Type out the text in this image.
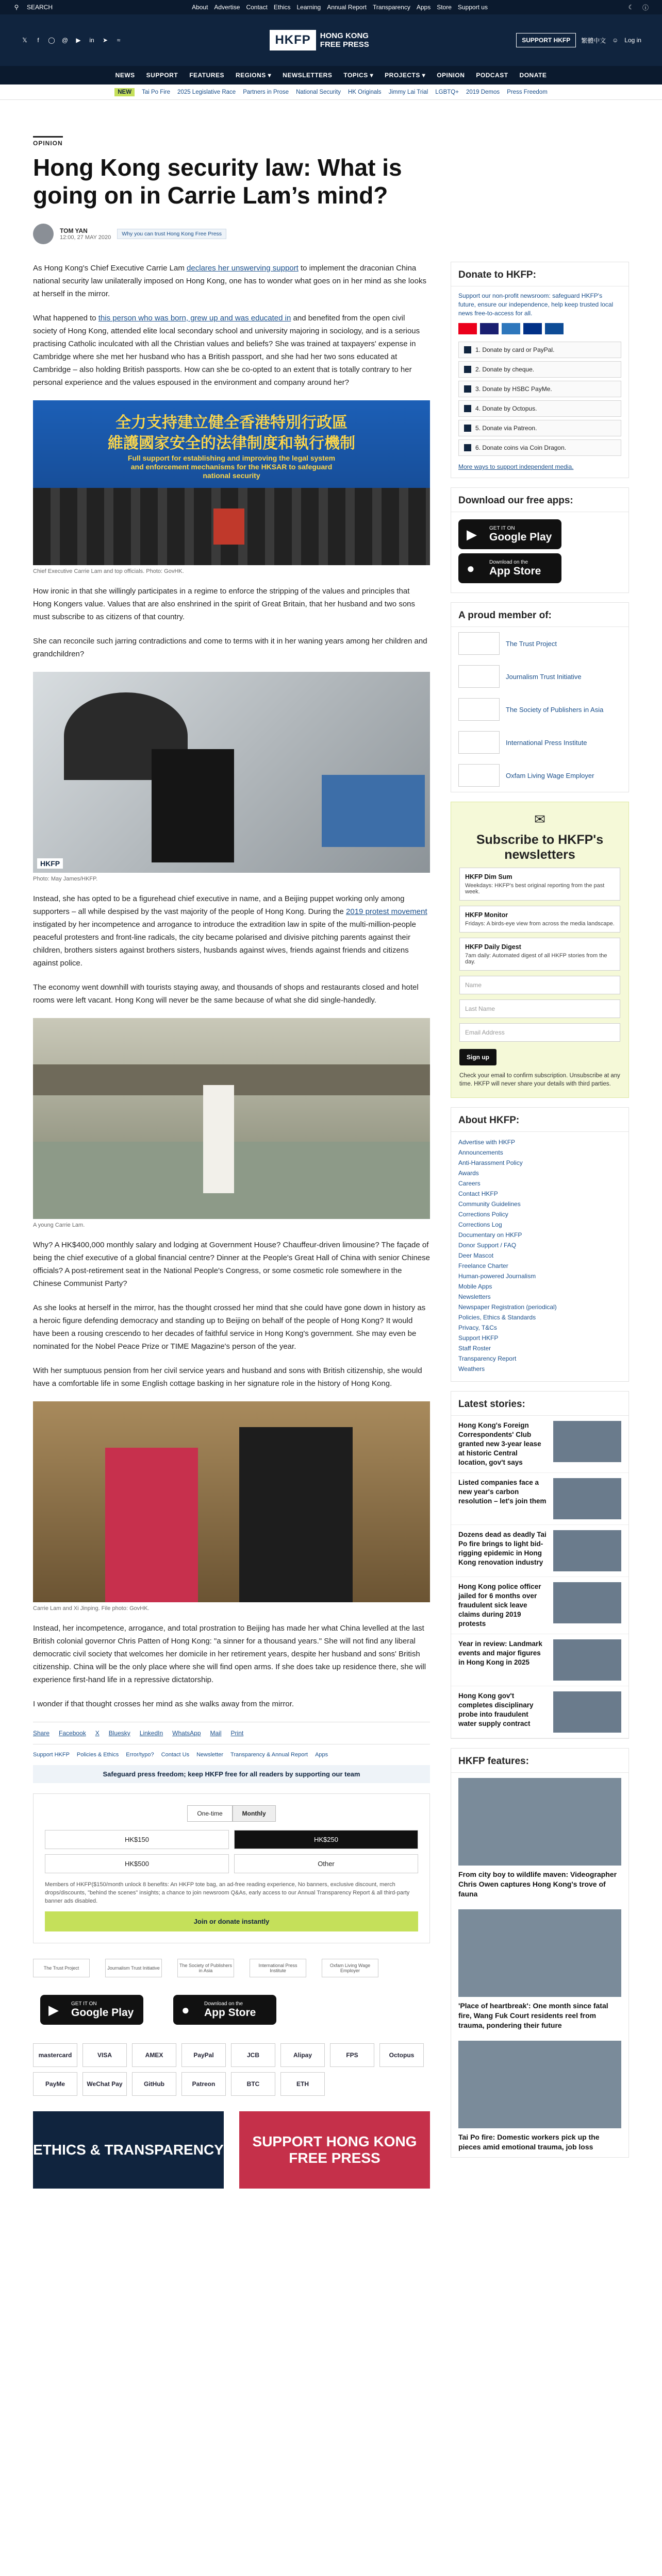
⚲	SEARCH	About Advertise Contact Ethics Learning Annual Report Transparency Apps Store Support us	☾ ⓘ
𝕏	f	◯ @ ▶ in ➤	≈	HKFP	HONG KONG
FREE PRESS	SUPPORT HKFP	繁體中文 ☺ Log in
NEWS SUPPORT FEATURES REGIONS ▾ NEWSLETTERS TOPICS ▾ PROJECTS ▾ OPINION PODCAST DONATE
NEW	Tai Po Fire 2025 Legislative Race Partners in Prose National Security HK Originals Jimmy Lai Trial LGBTQ+ 2019 Demos Press Freedom
OPINION
Hong Kong security law: What is going on in Carrie Lam’s mind?
TOM YAN
12:00, 27 MAY 2020
Why you can trust Hong Kong Free Press

As Hong Kong's Chief Executive Carrie Lam declares her unswerving support to implement the draconian China national security law unilaterally imposed on Hong Kong, one has to wonder what goes on in her mind as she looks at herself in the mirror.

What happened to this person who was born, grew up and was educated in and benefited from the open civil society of Hong Kong, attended elite local secondary school and university majoring in sociology, and is a serious practising Catholic inculcated with all the Christian values and beliefs? She was trained at taxpayers' expense in Cambridge where she met her husband who has a British passport, and she had her two sons educated at Cambridge – also holding British passports. How can she be co-opted to an extent that is totally contrary to her personal experience and the values espoused in the environment and company around her?

全力支持建立健全香港特別行政區
維護國家安全的法律制度和執行機制
Full support for establishing and improving the legal system and enforcement mechanisms for the HKSAR to safeguard national security
Chief Executive Carrie Lam and top officials. Photo: GovHK.

How ironic in that she willingly participates in a regime to enforce the stripping of the values and principles that Hong Kongers value. Values that are also enshrined in the spirit of Great Britain, that her husband and two sons must subscribe to as citizens of that country.

She can reconcile such jarring contradictions and come to terms with it in her waning years among her children and grandchildren?

HKFP
Photo: May James/HKFP.

Instead, she has opted to be a figurehead chief executive in name, and a Beijing puppet working only among supporters – all while despised by the vast majority of the people of Hong Kong. During the 2019 protest movement instigated by her incompetence and arrogance to introduce the extradition law in spite of the multi-million-people peaceful protesters and front-line radicals, the city became polarised and divisive pitching parents against their children, brothers sisters against brothers sisters, husbands against wives, friends against friends and citizens against police.

The economy went downhill with tourists staying away, and thousands of shops and restaurants closed and hotel rooms were left vacant. Hong Kong will never be the same because of what she did single-handedly.

A young Carrie Lam.

Why? A HK$400,000 monthly salary and lodging at Government House? Chauffeur-driven limousine? The façade of being the chief executive of a global financial centre? Dinner at the People's Great Hall of China with senior Chinese officials? A post-retirement seat in the National People's Congress, or some cosmetic role somewhere in the Chinese Communist Party?

As she looks at herself in the mirror, has the thought crossed her mind that she could have gone down in history as a heroic figure defending democracy and standing up to Beijing on behalf of the people of Hong Kong? It would have been a rousing crescendo to her decades of faithful service in Hong Kong's government. She may even be nominated for the Nobel Peace Prize or TIME Magazine's person of the year.

With her sumptuous pension from her civil service years and husband and sons with British citizenship, she would have a comfortable life in some English cottage basking in her signature role in the history of Hong Kong.

Carrie Lam and Xi Jinping. File photo: GovHK.

Instead, her incompetence, arrogance, and total prostration to Beijing has made her what China levelled at the last British colonial governor Chris Patten of Hong Kong: "a sinner for a thousand years." She will not find any liberal democratic civil society that welcomes her domicile in her retirement years, despite her husband and sons' British citizenship. China will be the only place where she will find open arms. If she does take up residence there, she will experience first-hand life in a repressive dictatorship.

I wonder if that thought crosses her mind as she walks away from the mirror.

Share Facebook X Bluesky LinkedIn WhatsApp Mail Print
Support HKFP Policies & Ethics Error/typo? Contact Us Newsletter Transparency & Annual Report Apps
Safeguard press freedom; keep HKFP free for all readers by supporting our team
One-time	Monthly
HK$150	HK$250
HK$500	Other
Members of HKFP($150/month unlock 8 benefits: An HKFP tote bag, an ad-free reading experience, No banners, exclusive discount, merch drops/discounts, "behind the scenes" insights; a chance to join newsroom Q&As, early access to our Annual Transparency Report & all third-party banner ads disabled.
Join or donate instantly
The Trust Project	Journalism Trust Initiative	The Society of Publishers in Asia
International Press Institute
Oxfam Living Wage Employer
▶ GET IT ON
Google Play	●	Download on the
App Store
mastercard	VISA	AMEX	PayPal	JCB	Alipay	FPS	Octopus
PayMe	WeChat Pay	GitHub	Patreon	BTC	ETH
ETHICS & TRANSPARENCY
SUPPORT HONG KONG FREE PRESS
Donate to HKFP:
Support our non-profit newsroom: safeguard HKFP's future, ensure our independence, help keep trusted local news free-to-access for all.
1. Donate by card or PayPal.
2. Donate by cheque.
3. Donate by HSBC PayMe.
4. Donate by Octopus.
5. Donate via Patreon.
6. Donate coins via Coin Dragon.
More ways to support independent media.
Download our free apps:
▶ GET IT ON
Google Play
●	Download on the
App Store
A proud member of:
The Trust Project
Journalism Trust Initiative
The Society of Publishers in Asia
International Press Institute
Oxfam Living Wage Employer
✉
Subscribe to HKFP's newsletters
HKFP Dim Sum
Weekdays: HKFP's best original reporting from the past week.
HKFP Monitor
Fridays: A birds-eye view from across the media landscape.
HKFP Daily Digest
7am daily: Automated digest of all HKFP stories from the day.
Name
Last Name
Email Address
Sign up
Check your email to confirm subscription. Unsubscribe at any time. HKFP will never share your details with third parties.
About HKFP:
Advertise with HKFP
Announcements
Anti-Harassment Policy
Awards
Careers
Contact HKFP
Community Guidelines
Corrections Policy
Corrections Log
Documentary on HKFP
Donor Support / FAQ
Deer Mascot
Freelance Charter
Human-powered Journalism
Mobile Apps
Newsletters
Newspaper Registration (periodical)
Policies, Ethics & Standards
Privacy, T&Cs
Support HKFP
Staff Roster
Transparency Report
Weathers
Latest stories:
Hong Kong's Foreign Correspondents' Club granted new 3-year lease at historic Central location, gov't says
Listed companies face a new year's carbon resolution – let's join them
Dozens dead as deadly Tai Po fire brings to light bid-rigging epidemic in Hong Kong renovation industry
Hong Kong police officer jailed for 6 months over fraudulent sick leave claims during 2019 protests
Year in review: Landmark events and major figures in Hong Kong in 2025
Hong Kong gov't completes disciplinary probe into fraudulent water supply contract
HKFP features:
From city boy to wildlife maven: Videographer Chris Owen captures Hong Kong's trove of fauna
'Place of heartbreak': One month since fatal fire, Wang Fuk Court residents reel from trauma, pondering their future
Tai Po fire: Domestic workers pick up the pieces amid emotional trauma, job loss
